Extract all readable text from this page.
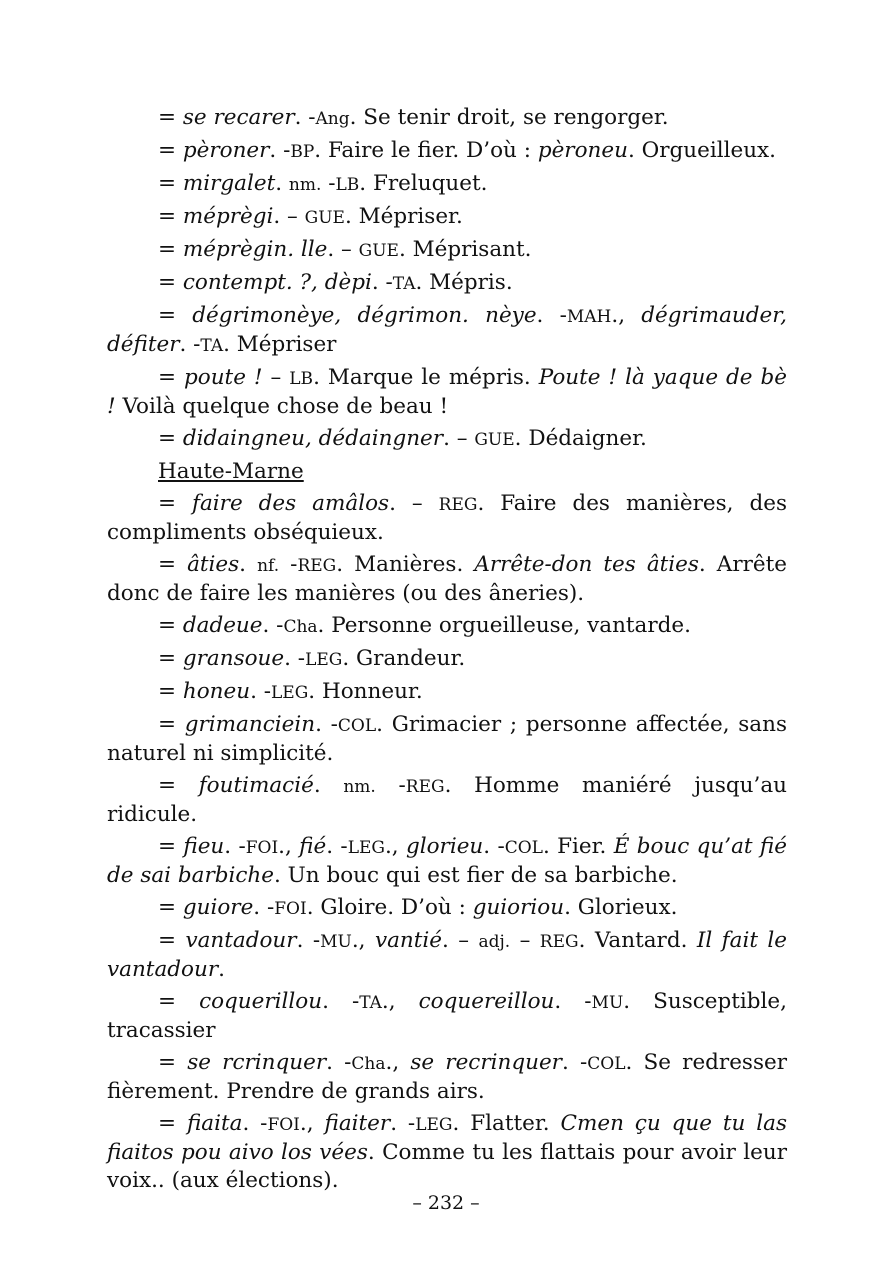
= se recarer. -Ang. Se tenir droit, se rengorger.

= pèroner. -BP. Faire le fier. D’où : pèroneu. Orgueilleux.

= mirgalet. nm. -LB. Freluquet.

= méprègi. – GUE. Mépriser.

= méprègin. lle. – GUE. Méprisant.

= contempt. ?, dèpi. -TA. Mépris.

= dégrimonèye, dégrimon. nèye. -MAH., dégrimauder, défiter. -TA. Mépriser

= poute ! – LB. Marque le mépris. Poute ! là yaque de bè ! Voilà quelque chose de beau !

= didaingneu, dédaingner. – GUE. Dédaigner.

Haute-Marne

= faire des amâlos. – REG. Faire des manières, des compliments obséquieux.

= âties. nf. -REG. Manières. Arrête-don tes âties. Arrête donc de faire les manières (ou des âneries).

= dadeue. -Cha. Personne orgueilleuse, vantarde.

= gransoue. -LEG. Grandeur.

= honeu. -LEG. Honneur.

= grimanciein. -COL. Grimacier ; personne affectée, sans naturel ni simplicité.

= foutimacié. nm. -REG. Homme maniéré jusqu’au ridicule.

= fieu. -FOI., fié. -LEG., glorieu. -COL. Fier. É bouc qu’at fié de sai barbiche. Un bouc qui est fier de sa barbiche.

= guiore. -FOI. Gloire. D’où : guioriou. Glorieux.

= vantadour. -MU., vantié. – adj. – REG. Vantard. Il fait le vantadour.

= coquerillou. -TA., coquereillou. -MU. Susceptible, tracassier

= se rcrinquer. -Cha., se recrinquer. -COL. Se redresser fièrement. Prendre de grands airs.

= fiaita. -FOI., fiaiter. -LEG. Flatter. Cmen çu que tu las fiaitos pou aivo los vées. Comme tu les flattais pour avoir leur voix.. (aux élections).

– 232 –
